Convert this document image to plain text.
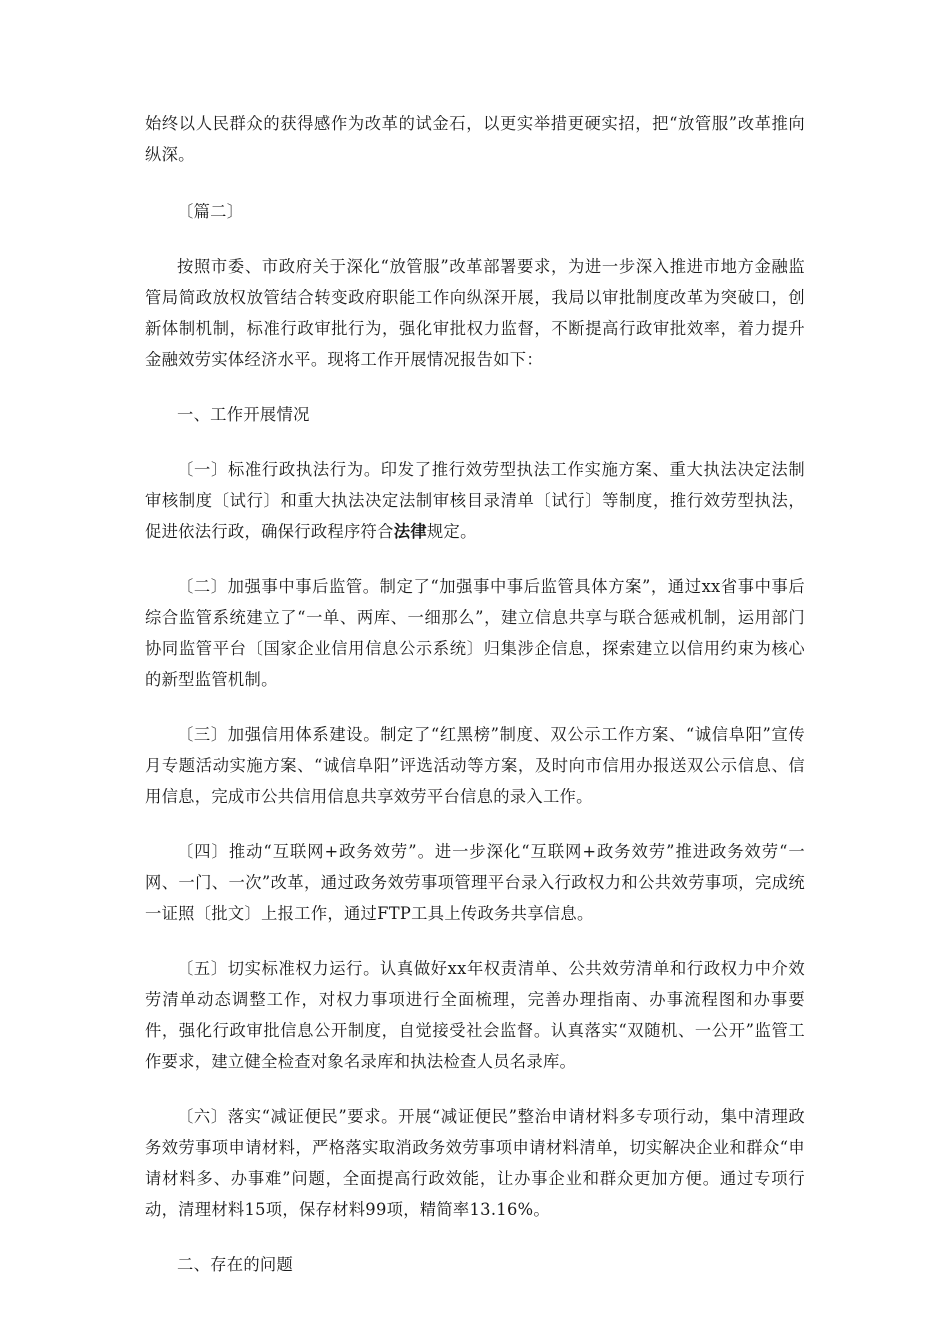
始终以人民群众的获得感作为改革的试金石，以更实举措更硬实招，把“放管服”改革推向纵深。

〔篇二〕

按照市委、市政府关于深化“放管服”改革部署要求，为进一步深入推进市地方金融监管局简政放权放管结合转变政府职能工作向纵深开展，我局以审批制度改革为突破口，创新体制机制，标准行政审批行为，强化审批权力监督，不断提高行政审批效率，着力提升金融效劳实体经济水平。现将工作开展情况报告如下：

一、工作开展情况

〔一〕标准行政执法行为。印发了推行效劳型执法工作实施方案、重大执法决定法制审核制度〔试行〕和重大执法决定法制审核目录清单〔试行〕等制度，推行效劳型执法，促进依法行政，确保行政程序符合法律规定。

〔二〕加强事中事后监管。制定了“加强事中事后监管具体方案”，通过xx省事中事后综合监管系统建立了“一单、两库、一细那么”，建立信息共享与联合惩戒机制，运用部门协同监管平台〔国家企业信用信息公示系统〕归集涉企信息，探索建立以信用约束为核心的新型监管机制。

〔三〕加强信用体系建设。制定了“红黑榜”制度、双公示工作方案、“诚信阜阳”宣传月专题活动实施方案、“诚信阜阳”评选活动等方案，及时向市信用办报送双公示信息、信用信息，完成市公共信用信息共享效劳平台信息的录入工作。

〔四〕推动“互联网+政务效劳”。进一步深化“互联网+政务效劳”推进政务效劳“一网、一门、一次”改革，通过政务效劳事项管理平台录入行政权力和公共效劳事项，完成统一证照〔批文〕上报工作，通过FTP工具上传政务共享信息。

〔五〕切实标准权力运行。认真做好xx年权责清单、公共效劳清单和行政权力中介效劳清单动态调整工作，对权力事项进行全面梳理，完善办理指南、办事流程图和办事要件，强化行政审批信息公开制度，自觉接受社会监督。认真落实“双随机、一公开”监管工作要求，建立健全检查对象名录库和执法检查人员名录库。

〔六〕落实“减证便民”要求。开展“减证便民”整治申请材料多专项行动，集中清理政务效劳事项申请材料，严格落实取消政务效劳事项申请材料清单，切实解决企业和群众“申请材料多、办事难”问题，全面提高行政效能，让办事企业和群众更加方便。通过专项行动，清理材料15项，保存材料99项，精简率13.16%。

二、存在的问题
